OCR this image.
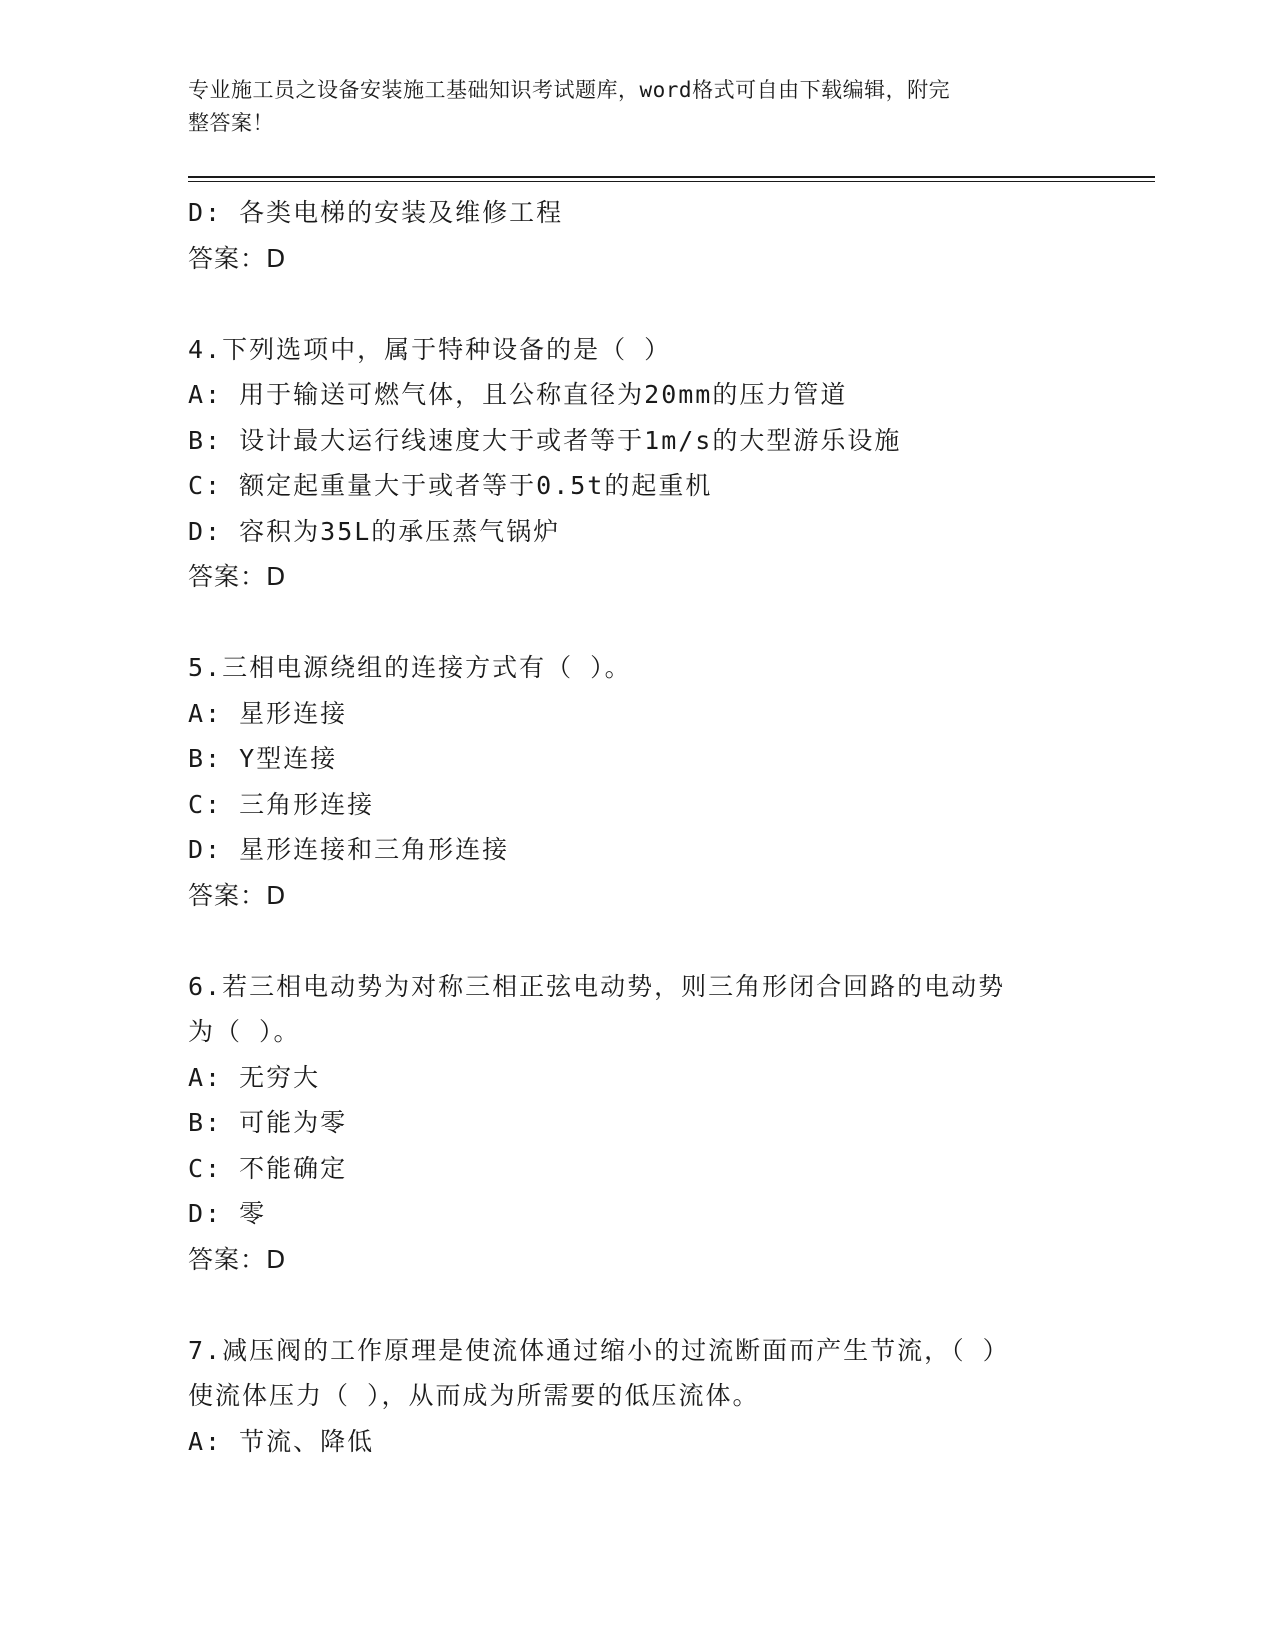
专业施工员之设备安装施工基础知识考试题库，word格式可自由下载编辑，附完
整答案！
D: 各类电梯的安装及维修工程
答案：D
4.下列选项中，属于特种设备的是（ ）
A: 用于输送可燃气体，且公称直径为20mm的压力管道
B: 设计最大运行线速度大于或者等于1m/s的大型游乐设施
C: 额定起重量大于或者等于0.5t的起重机
D: 容积为35L的承压蒸气锅炉
答案：D
5.三相电源绕组的连接方式有（ ）。
A: 星形连接
B: Y型连接
C: 三角形连接
D: 星形连接和三角形连接
答案：D
6.若三相电动势为对称三相正弦电动势，则三角形闭合回路的电动势
为（ ）。
A: 无穷大
B: 可能为零
C: 不能确定
D: 零
答案：D
7.减压阀的工作原理是使流体通过缩小的过流断面而产生节流，（ ）
使流体压力（ ），从而成为所需要的低压流体。
A: 节流、降低
